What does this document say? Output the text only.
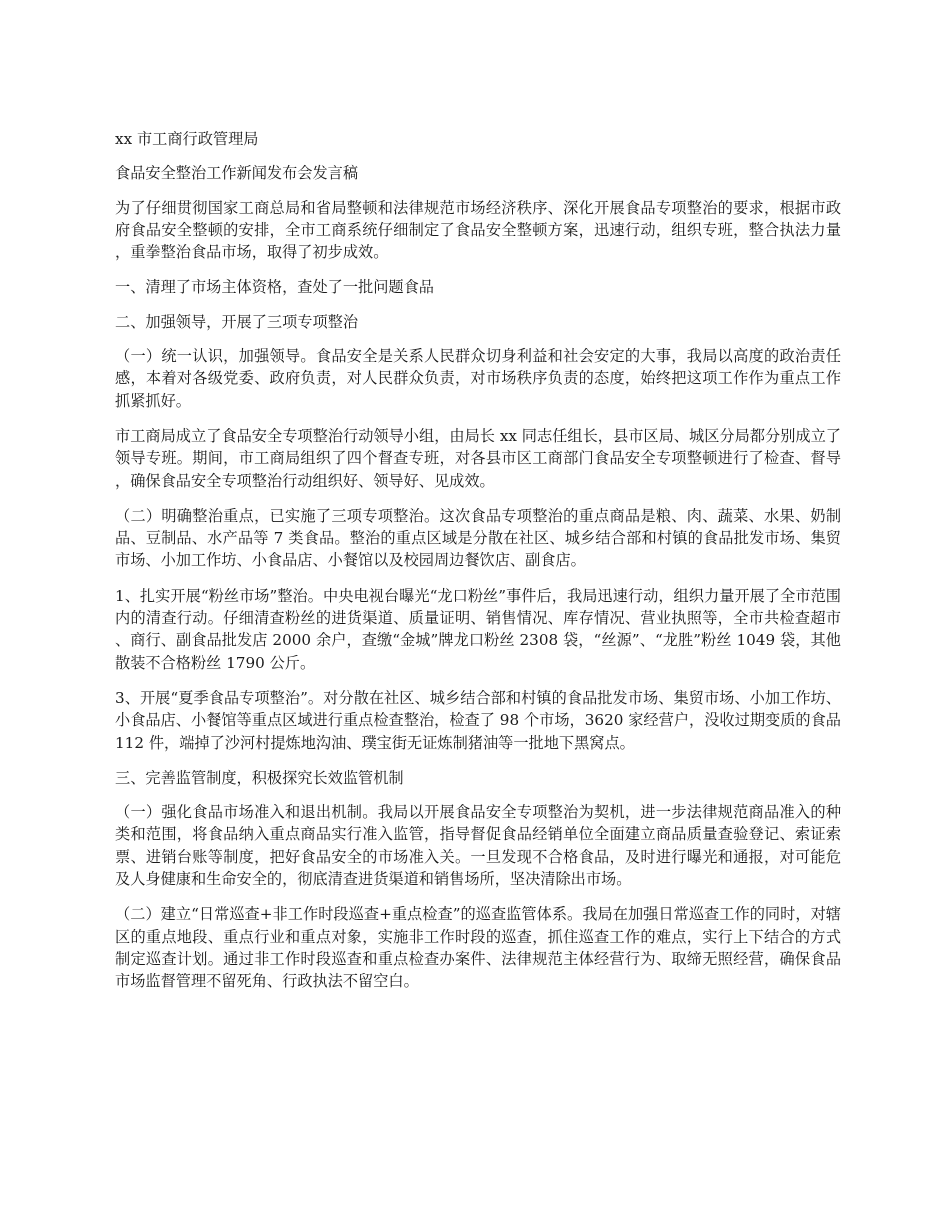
xx 市工商行政管理局

食品安全整治工作新闻发布会发言稿

为了仔细贯彻国家工商总局和省局整顿和法律规范市场经济秩序、深化开展食品专项整治的要求，根据市政府食品安全整顿的安排，全市工商系统仔细制定了食品安全整顿方案，迅速行动，组织专班，整合执法力量，重拳整治食品市场，取得了初步成效。

一、清理了市场主体资格，查处了一批问题食品

二、加强领导，开展了三项专项整治

（一）统一认识，加强领导。食品安全是关系人民群众切身利益和社会安定的大事，我局以高度的政治责任感，本着对各级党委、政府负责，对人民群众负责，对市场秩序负责的态度，始终把这项工作作为重点工作抓紧抓好。

市工商局成立了食品安全专项整治行动领导小组，由局长 xx 同志任组长，县市区局、城区分局都分别成立了领导专班。期间，市工商局组织了四个督查专班，对各县市区工商部门食品安全专项整顿进行了检查、督导，确保食品安全专项整治行动组织好、领导好、见成效。

（二）明确整治重点，已实施了三项专项整治。这次食品专项整治的重点商品是粮、肉、蔬菜、水果、奶制品、豆制品、水产品等 7 类食品。整治的重点区域是分散在社区、城乡结合部和村镇的食品批发市场、集贸市场、小加工作坊、小食品店、小餐馆以及校园周边餐饮店、副食店。

1、扎实开展“粉丝市场”整治。中央电视台曝光“龙口粉丝”事件后，我局迅速行动，组织力量开展了全市范围内的清查行动。仔细清查粉丝的进货渠道、质量证明、销售情况、库存情况、营业执照等，全市共检查超市、商行、副食品批发店 2000 余户，查缴“金城”牌龙口粉丝 2308 袋，“丝源”、“龙胜”粉丝 1049 袋，其他散装不合格粉丝 1790 公斤。

3、开展“夏季食品专项整治”。对分散在社区、城乡结合部和村镇的食品批发市场、集贸市场、小加工作坊、小食品店、小餐馆等重点区域进行重点检查整治，检查了 98 个市场，3620 家经营户，没收过期变质的食品 112 件，端掉了沙河村提炼地沟油、璞宝街无证炼制猪油等一批地下黑窝点。

三、完善监管制度，积极探究长效监管机制

（一）强化食品市场准入和退出机制。我局以开展食品安全专项整治为契机，进一步法律规范商品准入的种类和范围，将食品纳入重点商品实行准入监管，指导督促食品经销单位全面建立商品质量查验登记、索证索票、进销台账等制度，把好食品安全的市场准入关。一旦发现不合格食品，及时进行曝光和通报，对可能危及人身健康和生命安全的，彻底清查进货渠道和销售场所，坚决清除出市场。

（二）建立“日常巡查+非工作时段巡查+重点检查”的巡查监管体系。我局在加强日常巡查工作的同时，对辖区的重点地段、重点行业和重点对象，实施非工作时段的巡查，抓住巡查工作的难点，实行上下结合的方式制定巡查计划。通过非工作时段巡查和重点检查办案件、法律规范主体经营行为、取缔无照经营，确保食品市场监督管理不留死角、行政执法不留空白。
